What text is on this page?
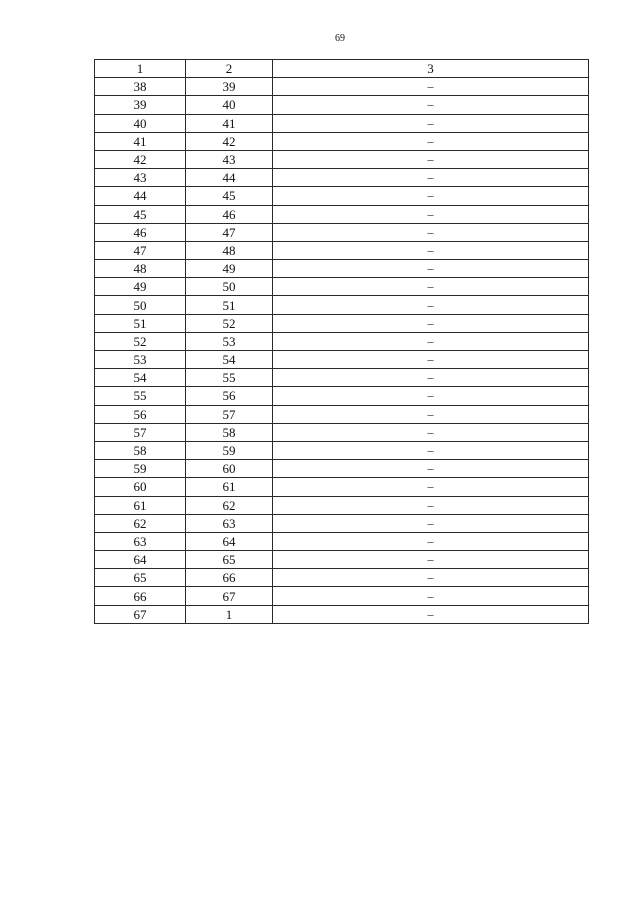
69
1	2	3
38	39	–
39	40	–
40	41	–
41	42	–
42	43	–
43	44	–
44	45	–
45	46	–
46	47	–
47	48	–
48	49	–
49	50	–
50	51	–
51	52	–
52	53	–
53	54	–
54	55	–
55	56	–
56	57	–
57	58	–
58	59	–
59	60	–
60	61	–
61	62	–
62	63	–
63	64	–
64	65	–
65	66	–
66	67	–
67	1	–
